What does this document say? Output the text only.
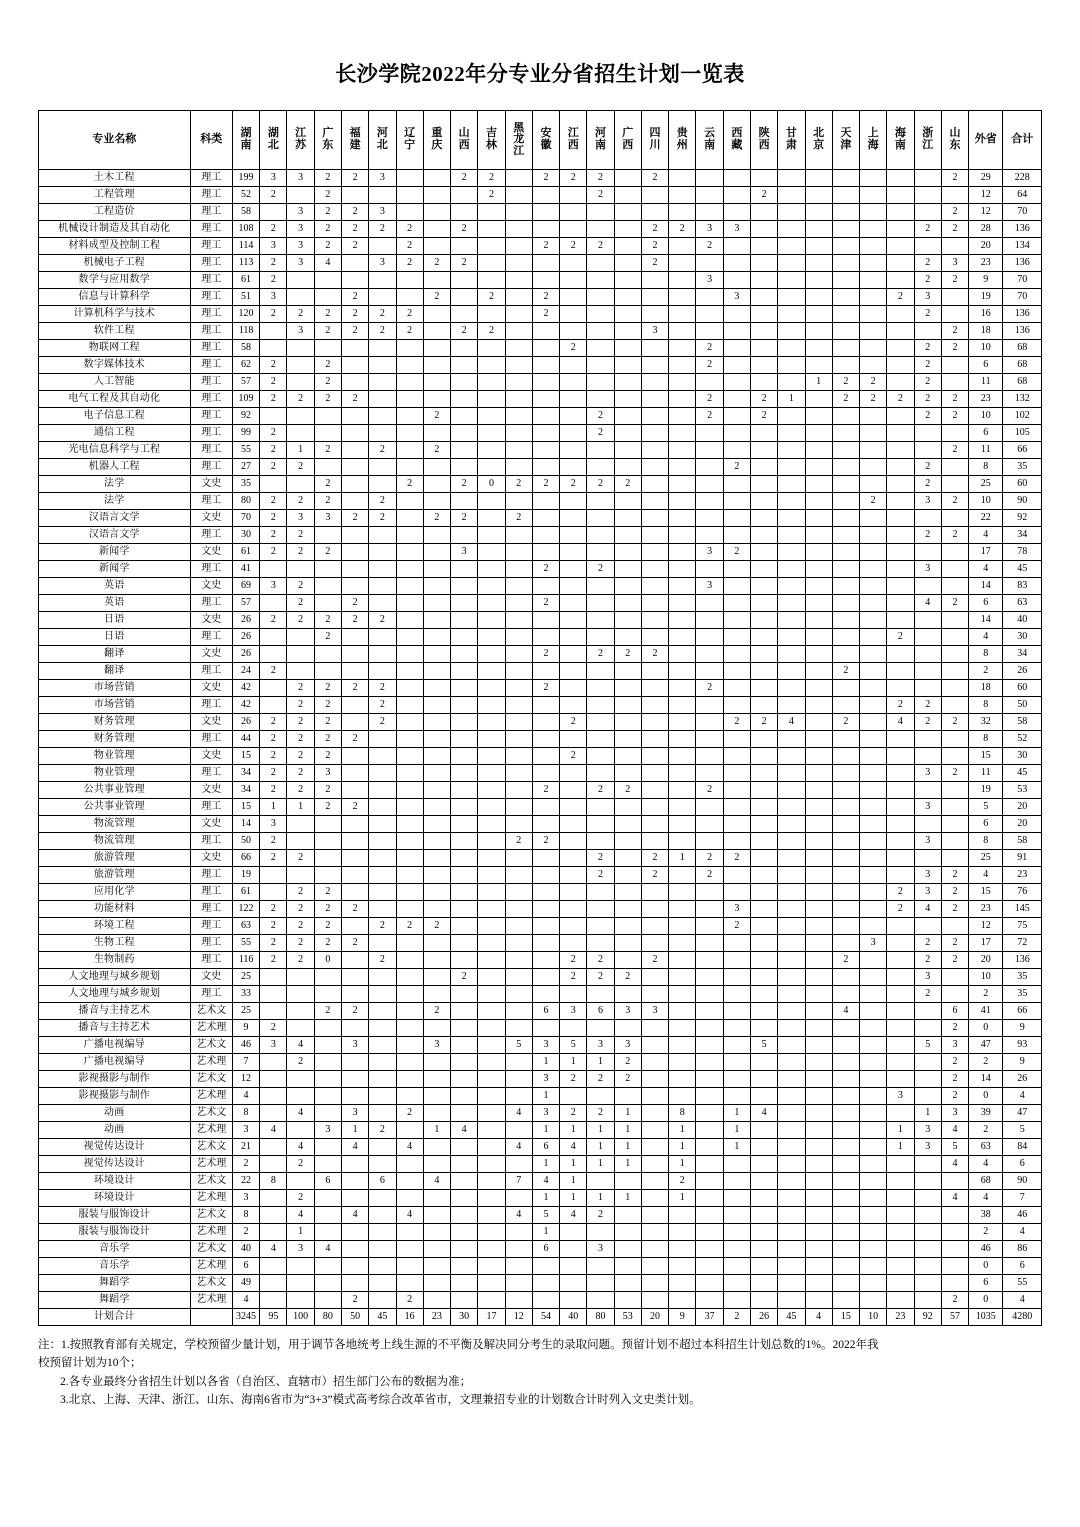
长沙学院2022年分专业分省招生计划一览表
专业名称	科类	湖南	湖北	江苏	广东	福建	河北	辽宁	重庆	山西	吉林	黑龙江	安徽	江西	河南	广西	四川	贵州	云南	西藏	陕西	甘肃	北京	天津	上海	海南	浙江	山东	外省	合计
土木工程	理工	199	3	3	2	2	3			2	2		2	2	2		2											2	29	228
工程管理	理工	52	2		2						2				2						2								12	64
工程造价	理工	58		3	2	2	3																					2	12	70
机械设计制造及其自动化	理工	108	2	3	2	2	2	2		2							2	2	3	3							2	2	28	136
材料成型及控制工程	理工	114	3	3	2	2		2					2	2	2		2		2										20	134
机械电子工程	理工	113	2	3	4		3	2	2	2							2										2	3	23	136
数学与应用数学	理工	61	2																3								2	2	9	70
信息与计算科学	理工	51	3			2			2		2		2							3						2	3		19	70
计算机科学与技术	理工	120	2	2	2	2	2	2					2														2		16	136
软件工程	理工	118		3	2	2	2	2		2	2						3											2	18	136
物联网工程	理工	58												2					2								2	2	10	68
数字媒体技术	理工	62	2		2														2								2		6	68
人工智能	理工	57	2		2																		1	2	2		2		11	68
电气工程及其自动化	理工	109	2	2	2	2													2		2	1		2	2	2	2	2	23	132
电子信息工程	理工	92							2						2				2		2						2	2	10	102
通信工程	理工	99	2												2														6	105
光电信息科学与工程	理工	55	2	1	2		2		2																			2	11	66
机器人工程	理工	27	2	2																2							2		8	35
法学	文史	35			2			2		2	0	2	2	2	2	2											2		25	60
法学	理工	80	2	2	2		2																		2		3	2	10	90
汉语言文学	文史	70	2	3	3	2	2		2	2		2																	22	92
汉语言文学	理工	30	2	2																							2	2	4	34
新闻学	文史	61	2	2	2					3									3	2									17	78
新闻学	理工	41											2		2												3		4	45
英语	文史	69	3	2															3										14	83
英语	理工	57		2		2							2														4	2	6	63
日语	文史	26	2	2	2	2	2																						14	40
日语	理工	26			2																					2			4	30
翻译	文史	26											2		2	2	2												8	34
翻译	理工	24	2																					2					2	26
市场营销	文史	42		2	2	2	2						2						2										18	60
市场营销	理工	42		2	2		2																			2	2		8	50
财务管理	文史	26	2	2	2		2							2						2	2	4		2		4	2	2	32	58
财务管理	理工	44	2	2	2	2																							8	52
物业管理	文史	15	2	2	2									2															15	30
物业管理	理工	34	2	2	3																						3	2	11	45
公共事业管理	文史	34	2	2	2								2		2	2			2										19	53
公共事业管理	理工	15	1	1	2	2																					3		5	20
物流管理	文史	14	3																										6	20
物流管理	理工	50	2									2	2														3		8	58
旅游管理	文史	66	2	2											2		2	1	2	2									25	91
旅游管理	理工	19													2		2		2								3	2	4	23
应用化学	理工	61		2	2																					2	3	2	15	76
功能材料	理工	122	2	2	2	2														3						2	4	2	23	145
环境工程	理工	63	2	2	2		2	2	2											2									12	75
生物工程	理工	55	2	2	2	2																			3		2	2	17	72
生物制药	理工	116	2	2	0		2							2	2		2							2			2	2	20	136
人文地理与城乡规划	文史	25								2				2	2	2											3		10	35
人文地理与城乡规划	理工	33																									2		2	35
播音与主持艺术	艺术文	25			2	2			2				6	3	6	3	3							4				6	41	66
播音与主持艺术	艺术理	9	2																									2	0	9
广播电视编导	艺术文	46	3	4		3			3			5	3	5	3	3					5						5	3	47	93
广播电视编导	艺术理	7		2									1	1	1	2												2	2	9
影视摄影与制作	艺术文	12											3	2	2	2												2	14	26
影视摄影与制作	艺术理	4											1													3		2	0	4
动画	艺术文	8		4		3		2				4	3	2	2	1		8		1	4						1	3	39	47
动画	艺术理	3	4		3	1	2		1	4			1	1	1	1		1		1						1	3	4	2	5
视觉传达设计	艺术文	21		4		4		4				4	6	4	1	1		1		1						1	3	5	63	84
视觉传达设计	艺术理	2		2									1	1	1	1		1										4	4	6
环境设计	艺术文	22	8		6		6		4			7	4	1				2											68	90
环境设计	艺术理	3		2									1	1	1	1		1										4	4	7
服装与服饰设计	艺术文	8		4		4		4				4	5	4	2														38	46
服装与服饰设计	艺术理	2		1									1																2	4
音乐学	艺术文	40	4	3	4								6		3														46	86
音乐学	艺术理	6																											0	6
舞蹈学	艺术文	49																											6	55
舞蹈学	艺术理	4				2		2																				2	0	4
计划合计		3245	95	100	80	50	45	16	23	30	17	12	54	40	80	53	20	9	37	2	26	45	4	15	10	23	92	57	1035	4280

注：1.按照教育部有关规定，学校预留少量计划，用于调节各地统考上线生源的不平衡及解决同分考生的录取问题。预留计划不超过本科招生计划总数的1%。2022年我

校预留计划为10个；

2.各专业最终分省招生计划以各省（自治区、直辖市）招生部门公布的数据为准；

3.北京、上海、天津、浙江、山东、海南6省市为“3+3”模式高考综合改革省市，文理兼招专业的计划数合计时列入文史类计划。
